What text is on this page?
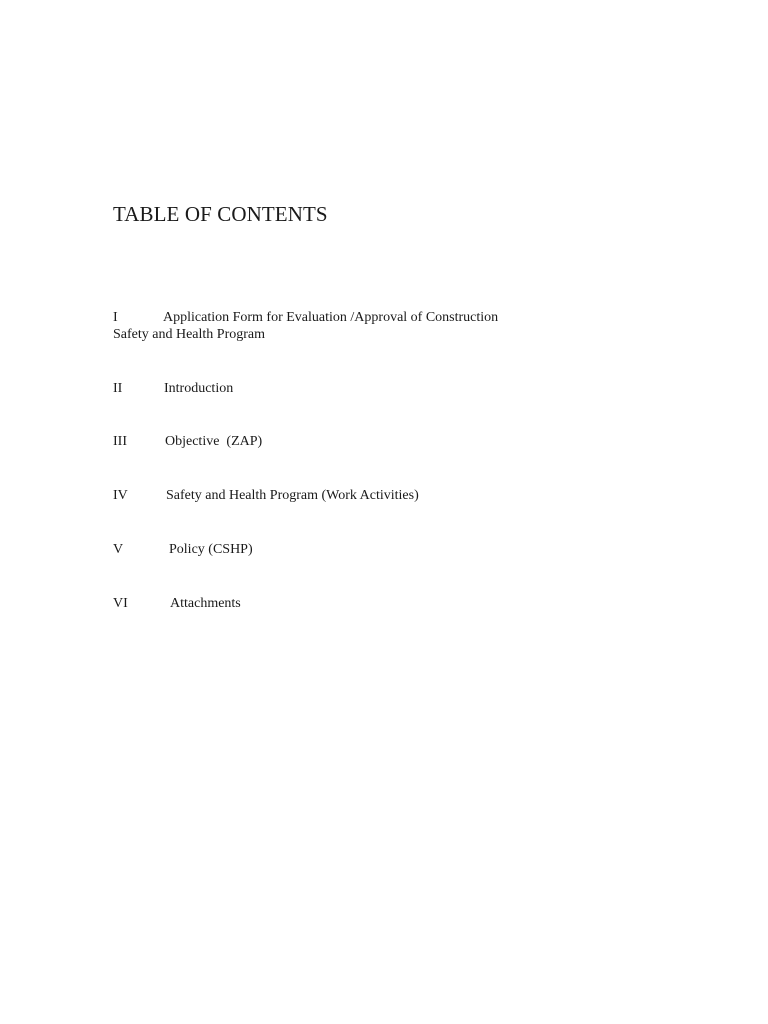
TABLE OF CONTENTS
I	Application Form for Evaluation /Approval of Construction
Safety and Health Program
II	Introduction
III	Objective  (ZAP)
IV	Safety and Health Program (Work Activities)
V	Policy (CSHP)
VI	Attachments
